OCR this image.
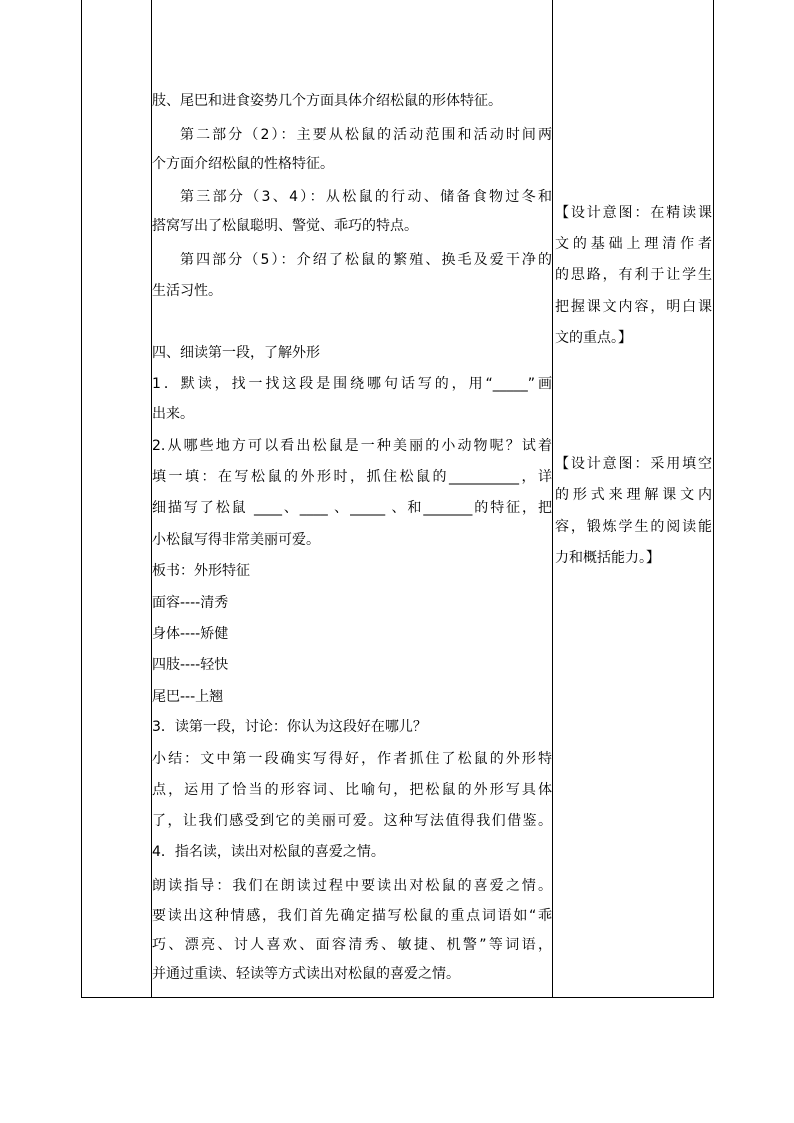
肢、尾巴和进食姿势几个方面具体介绍松鼠的形体特征。
第二部分（2）：主要从松鼠的活动范围和活动时间两
个方面介绍松鼠的性格特征。
第三部分（3、4）：从松鼠的行动、储备食物过冬和
搭窝写出了松鼠聪明、警觉、乖巧的特点。
第四部分（5）：介绍了松鼠的繁殖、换毛及爱干净的
生活习性。
四、细读第一段，了解外形
1．默读，找一找这段是围绕哪句话写的，用“_____”画
出来。
2.从哪些地方可以看出松鼠是一种美丽的小动物呢？试着
填一填：在写松鼠的外形时，抓住松鼠的__________，详
细描写了松鼠 ____、____ 、_____ 、和_______的特征，把
小松鼠写得非常美丽可爱。
板书：外形特征
面容----清秀
身体----矫健
四肢----轻快
尾巴---上翘
3．读第一段，讨论：你认为这段好在哪儿？
小结：文中第一段确实写得好，作者抓住了松鼠的外形特
点，运用了恰当的形容词、比喻句，把松鼠的外形写具体
了，让我们感受到它的美丽可爱。这种写法值得我们借鉴。
4．指名读，读出对松鼠的喜爱之情。
朗读指导：我们在朗读过程中要读出对松鼠的喜爱之情。
要读出这种情感，我们首先确定描写松鼠的重点词语如“乖
巧、漂亮、讨人喜欢、面容清秀、敏捷、机警”等词语，
并通过重读、轻读等方式读出对松鼠的喜爱之情。
【设计意图：在精读课
文的基础上理清作者
的思路，有利于让学生
把握课文内容，明白课
文的重点。】
【设计意图：采用填空
的形式来理解课文内
容，锻炼学生的阅读能
力和概括能力。】
